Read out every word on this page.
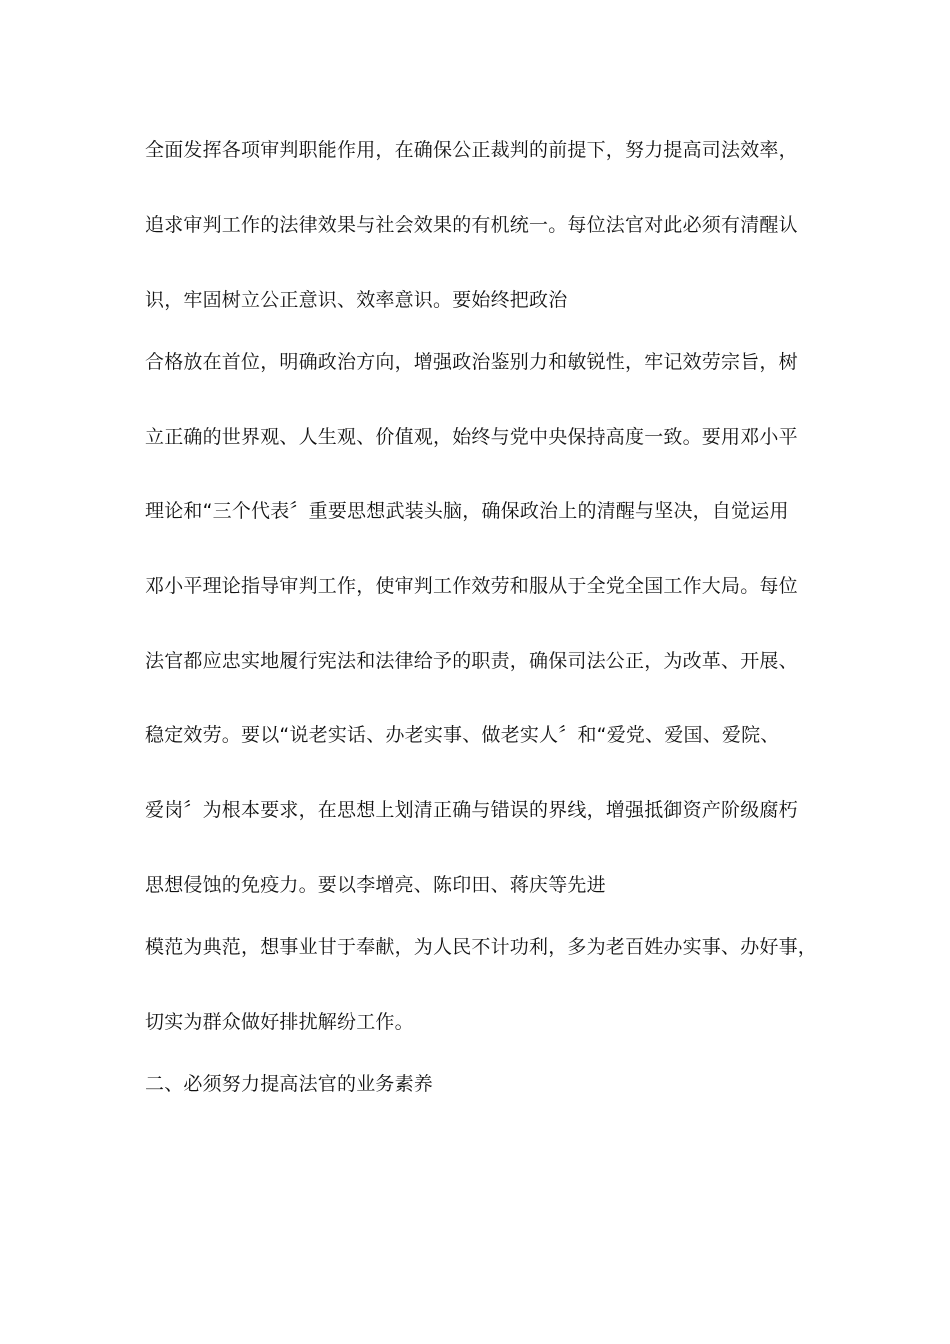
全面发挥各项审判职能作用，在确保公正裁判的前提下，努力提高司法效率，
追求审判工作的法律效果与社会效果的有机统一。每位法官对此必须有清醒认
识，牢固树立公正意识、效率意识。要始终把政治
合格放在首位，明确政治方向，增强政治鉴别力和敏锐性，牢记效劳宗旨，树
立正确的世界观、人生观、价值观，始终与党中央保持高度一致。要用邓小平
理论和“三个代表〞重要思想武装头脑，确保政治上的清醒与坚决，自觉运用
邓小平理论指导审判工作，使审判工作效劳和服从于全党全国工作大局。每位
法官都应忠实地履行宪法和法律给予的职责，确保司法公正，为改革、开展、
稳定效劳。要以“说老实话、办老实事、做老实人〞和“爱党、爱国、爱院、
爱岗〞为根本要求，在思想上划清正确与错误的界线，增强抵御资产阶级腐朽
思想侵蚀的免疫力。要以李增亮、陈印田、蒋庆等先进
模范为典范，想事业甘于奉献，为人民不计功利，多为老百姓办实事、办好事，
切实为群众做好排扰解纷工作。
二、必须努力提高法官的业务素养
